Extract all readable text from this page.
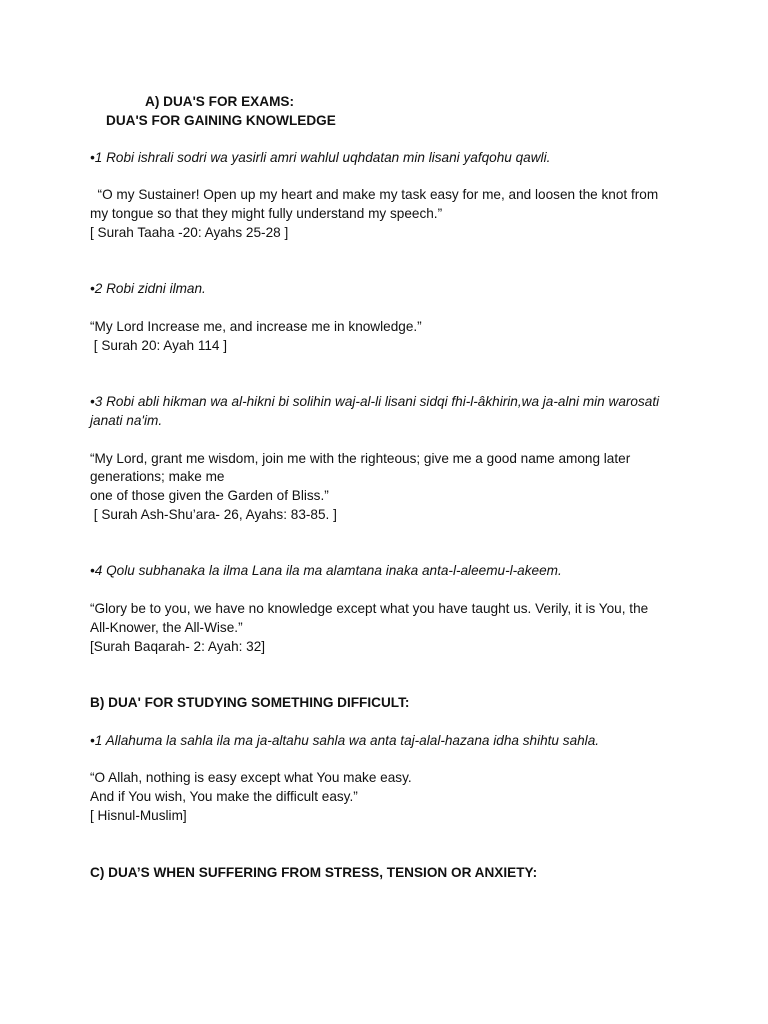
A) DUA'S FOR EXAMS:
DUA'S FOR GAINING KNOWLEDGE
•1 Robi ishrali sodri wa yasirli amri wahlul uqhdatan min lisani yafqohu qawli.
“O my Sustainer! Open up my heart and make my task easy for me, and loosen the knot from
my tongue so that they might fully understand my speech.”
[ Surah Taaha -20: Ayahs 25-28 ]
•2 Robi zidni ilman.
“My Lord Increase me, and increase me in knowledge.”
[ Surah 20: Ayah 114 ]
•3 Robi abli hikman wa al-hikni bi solihin waj-al-li lisani sidqi fhi-l-âkhirin,wa ja-alni min warosati
janati na'im.
“My Lord, grant me wisdom, join me with the righteous; give me a good name among later
generations; make me
one of those given the Garden of Bliss.”
[ Surah Ash-Shu’ara- 26, Ayahs: 83-85. ]
•4 Qolu subhanaka la ilma Lana ila ma alamtana inaka anta-l-aleemu-l-akeem.
“Glory be to you, we have no knowledge except what you have taught us. Verily, it is You, the
All-Knower, the All-Wise.”
[Surah Baqarah- 2: Ayah: 32]
B) DUA' FOR STUDYING SOMETHING DIFFICULT:
•1 Allahuma la sahla ila ma ja-altahu sahla wa anta taj-alal-hazana idha shihtu sahla.
“O Allah, nothing is easy except what You make easy.
And if You wish, You make the difficult easy.”
[ Hisnul-Muslim]
C) DUA’S WHEN SUFFERING FROM STRESS, TENSION OR ANXIETY:
